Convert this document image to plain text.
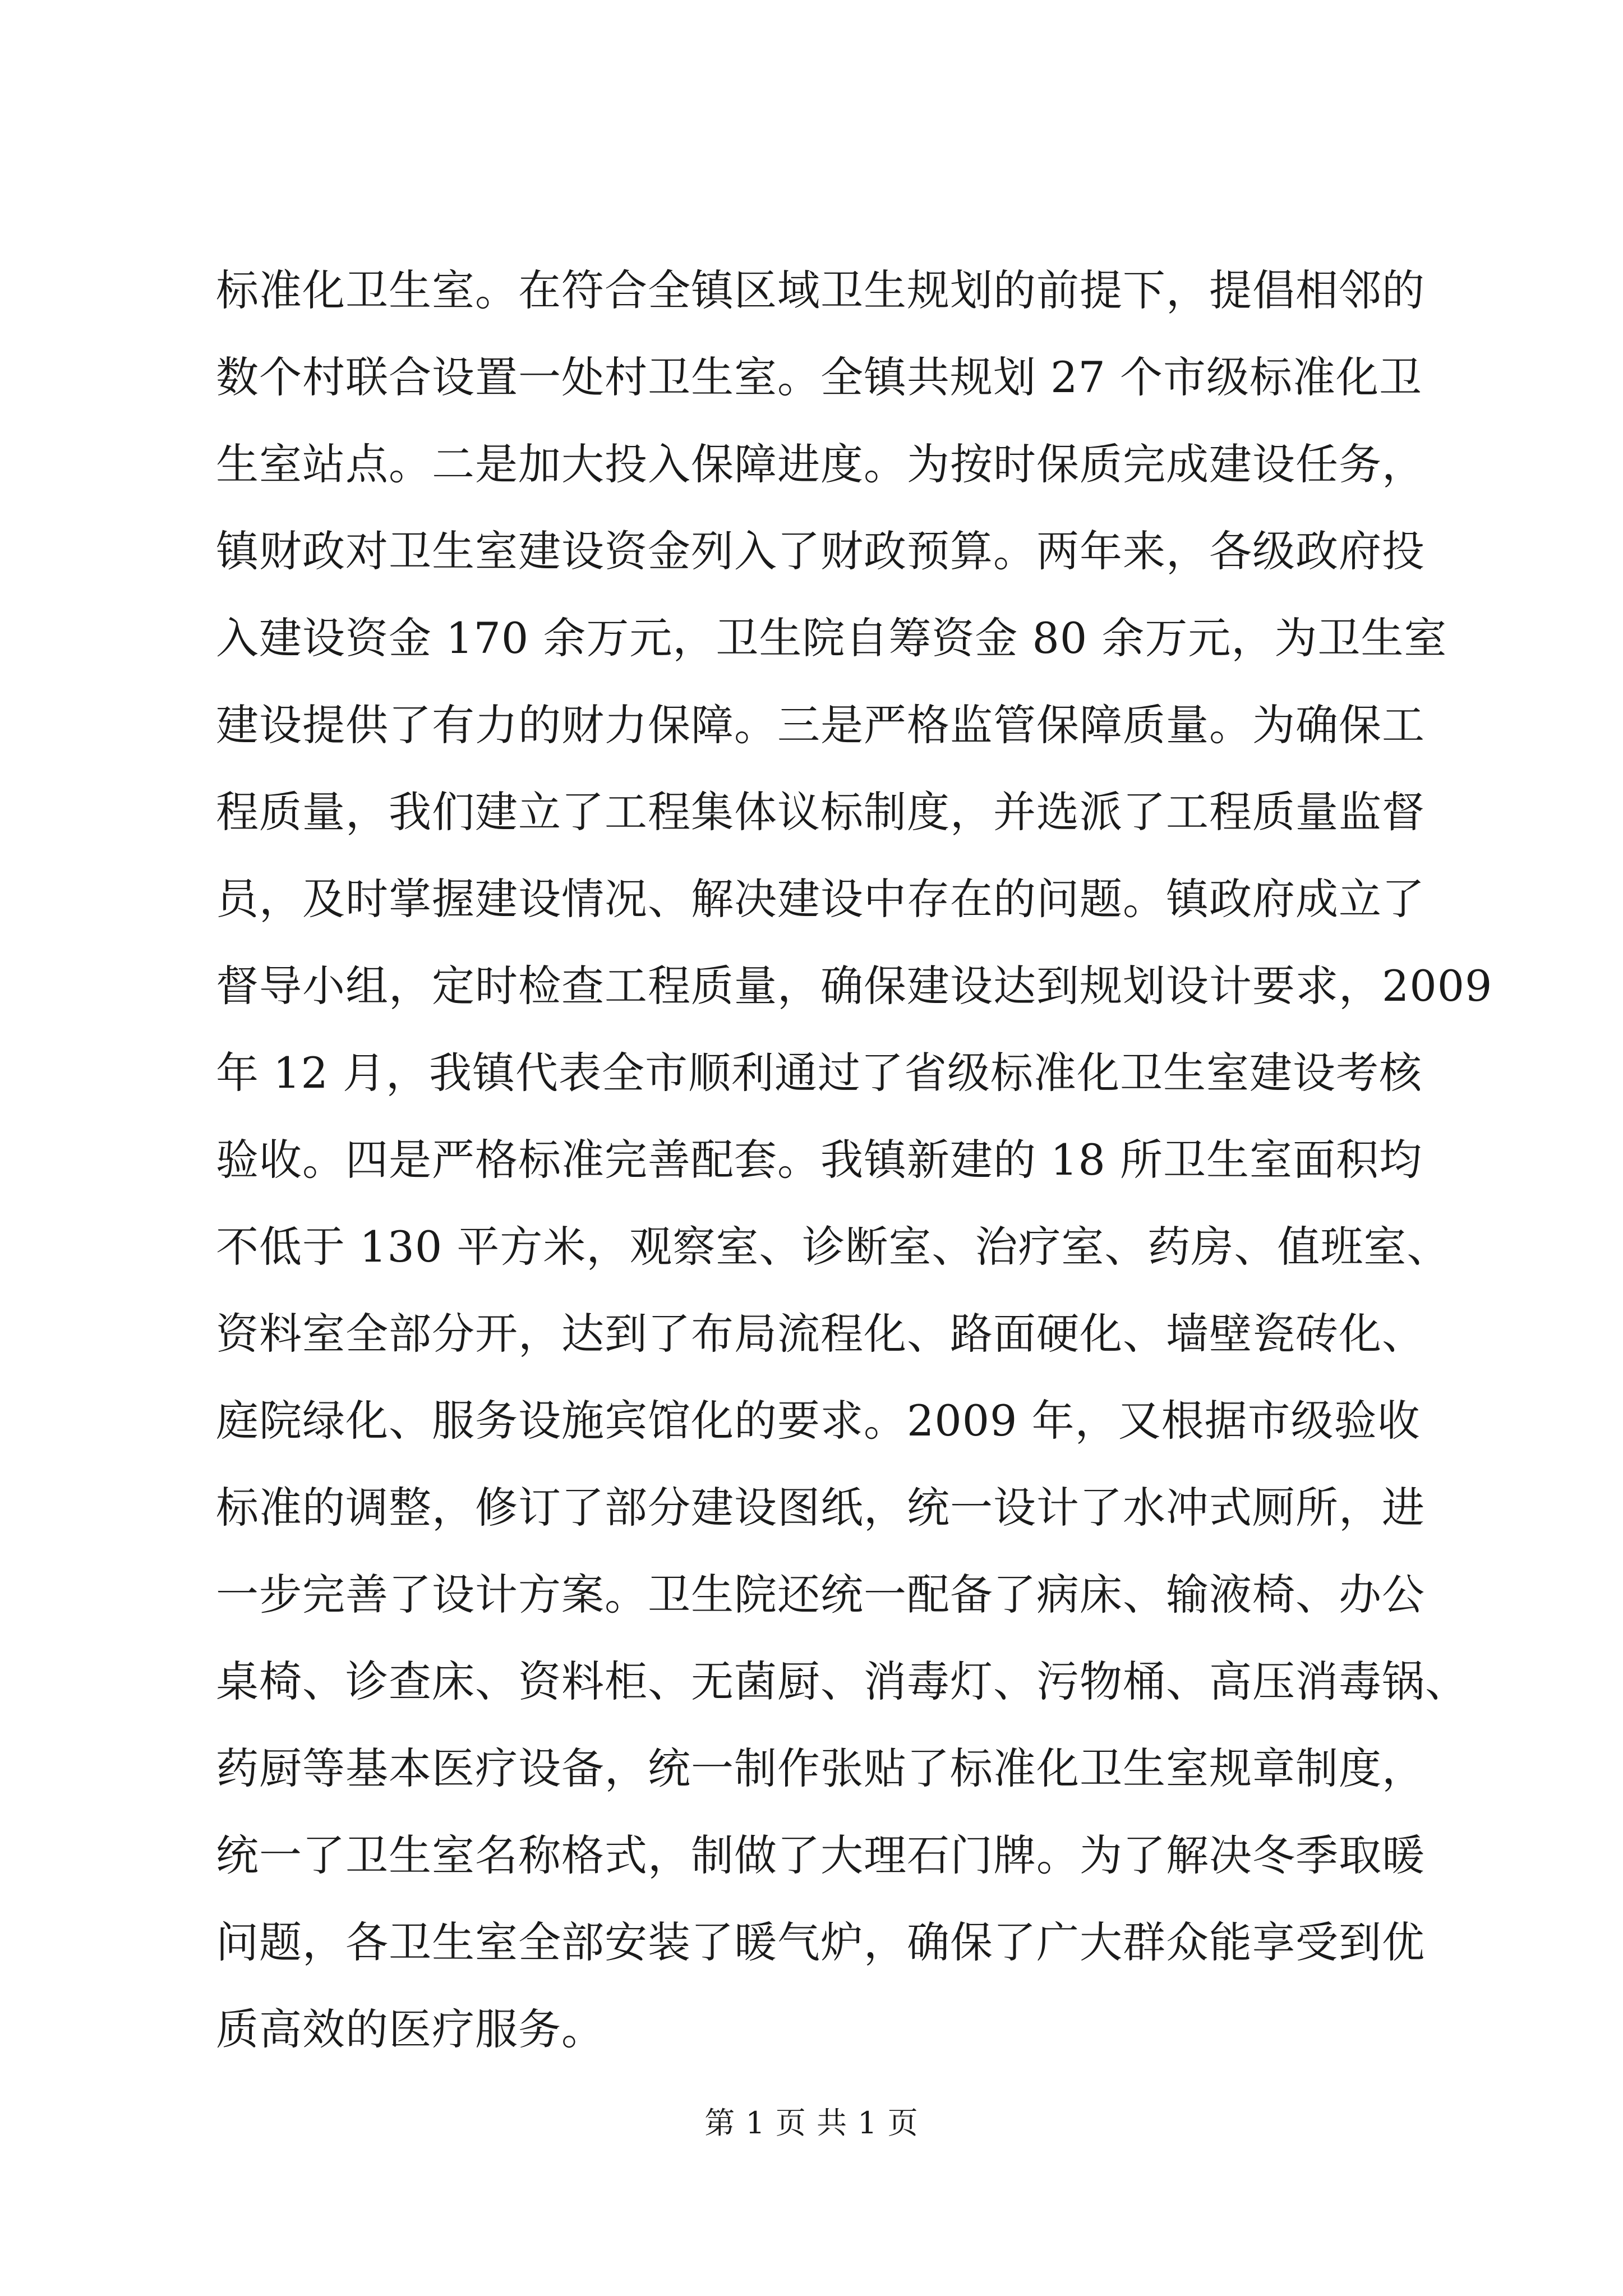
标准化卫生室。在符合全镇区域卫生规划的前提下，提倡相邻的
数个村联合设置一处村卫生室。全镇共规划 27 个市级标准化卫
生室站点。二是加大投入保障进度。为按时保质完成建设任务，
镇财政对卫生室建设资金列入了财政预算。两年来，各级政府投
入建设资金 170 余万元，卫生院自筹资金 80 余万元，为卫生室
建设提供了有力的财力保障。三是严格监管保障质量。为确保工
程质量，我们建立了工程集体议标制度，并选派了工程质量监督
员，及时掌握建设情况、解决建设中存在的问题。镇政府成立了
督导小组，定时检查工程质量，确保建设达到规划设计要求，2009
年 12 月，我镇代表全市顺利通过了省级标准化卫生室建设考核
验收。四是严格标准完善配套。我镇新建的 18 所卫生室面积均
不低于 130 平方米，观察室、诊断室、治疗室、药房、值班室、
资料室全部分开，达到了布局流程化、路面硬化、墙壁瓷砖化、
庭院绿化、服务设施宾馆化的要求。2009 年，又根据市级验收
标准的调整，修订了部分建设图纸，统一设计了水冲式厕所，进
一步完善了设计方案。卫生院还统一配备了病床、输液椅、办公
桌椅、诊查床、资料柜、无菌厨、消毒灯、污物桶、高压消毒锅、
药厨等基本医疗设备，统一制作张贴了标准化卫生室规章制度，
统一了卫生室名称格式，制做了大理石门牌。为了解决冬季取暖
问题，各卫生室全部安装了暖气炉，确保了广大群众能享受到优
质高效的医疗服务。
第 1 页 共 1 页
